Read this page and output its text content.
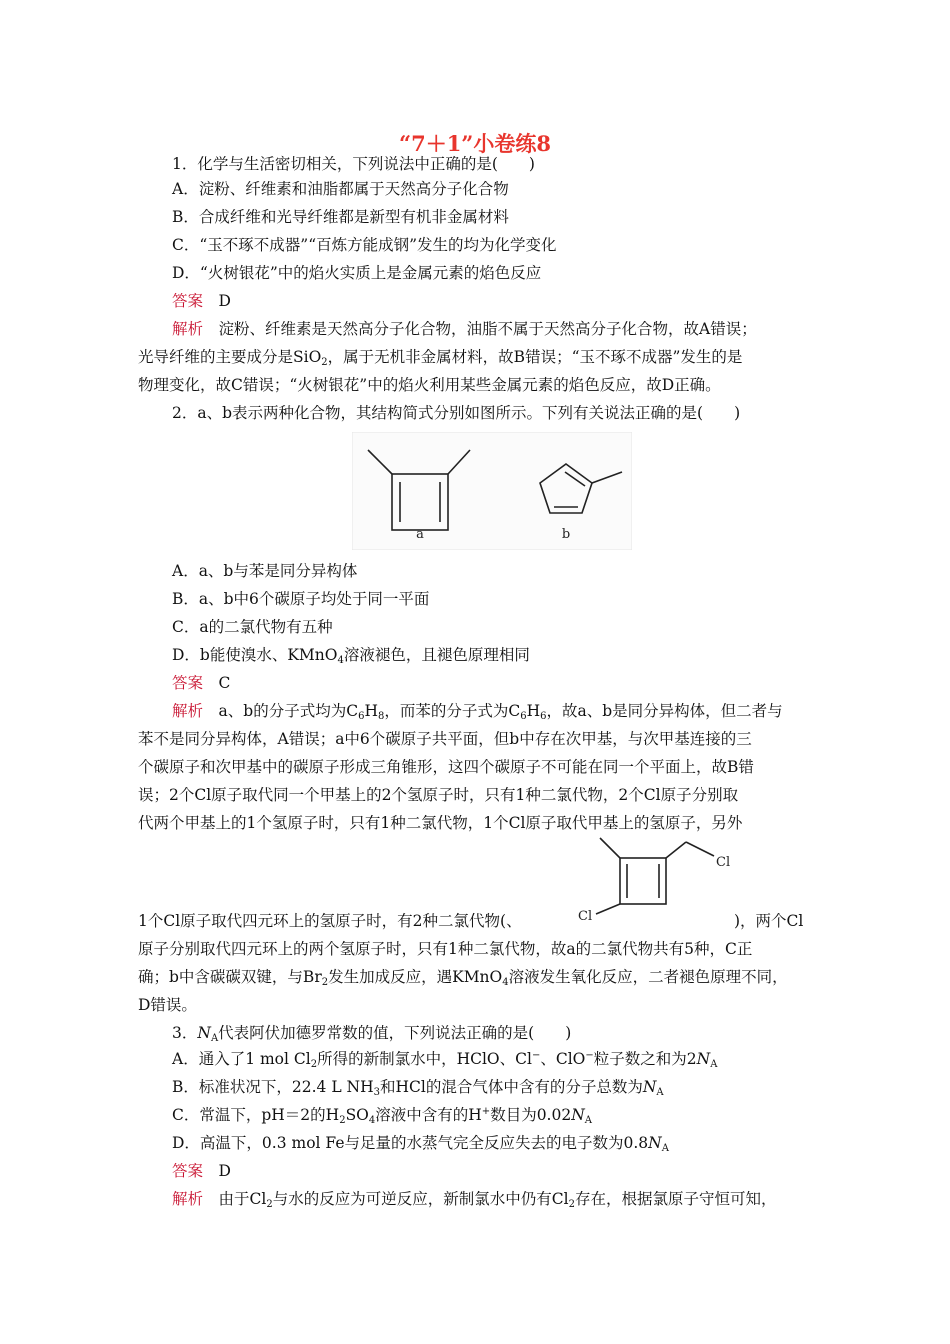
“7＋1”小卷练8
1．化学与生活密切相关，下列说法中正确的是(　　)
A．淀粉、纤维素和油脂都属于天然高分子化合物
B．合成纤维和光导纤维都是新型有机非金属材料
C．“玉不琢不成器”“百炼方能成钢”发生的均为化学变化
D．“火树银花”中的焰火实质上是金属元素的焰色反应
答案　 D
解析　 淀粉、纤维素是天然高分子化合物，油脂不属于天然高分子化合物，故A错误；
光导纤维的主要成分是SiO$_2$，属于无机非金属材料，故B错误；“玉不琢不成器”发生的是
物理变化，故C错误；“火树银花”中的焰火利用某些金属元素的焰色反应，故D正确。
2．a、b表示两种化合物，其结构简式分别如图所示。下列有关说法正确的是(　　)
a	b
A．a、b与苯是同分异构体
B．a、b中6个碳原子均处于同一平面
C．a的二氯代物有五种
D．b能使溴水、KMnO$_4$溶液褪色，且褪色原理相同
答案　 C
解析　 a、b的分子式均为$C_6H_8$，而苯的分子式为$C_6H_6$，故a、b是同分异构体，但二者与
苯不是同分异构体，A错误；a中6个碳原子共平面，但b中存在次甲基，与次甲基连接的三
个碳原子和次甲基中的碳原子形成三角锥形，这四个碳原子不可能在同一个平面上，故B错
误；2个Cl原子取代同一个甲基上的2个氢原子时，只有1种二氯代物，2个Cl原子分别取
代两个甲基上的1个氢原子时，只有1种二氯代物，1个Cl原子取代甲基上的氢原子，另外
Cl
Cl
1个Cl原子取代四元环上的氢原子时，有2种二氯代物(、	)，两个Cl
原子分别取代四元环上的两个氢原子时，只有1种二氯代物，故a的二氯代物共有5种，C正
确；b中含碳碳双键，与$Br_2$发生加成反应，遇KMnO$_4$溶液发生氧化反应，二者褪色原理不同，
D错误。
3．$N_A$代表阿伏加德罗常数的值，下列说法正确的是(　　)
A．通入了1 mol $Cl_2$所得的新制氯水中，HClO、Cl−、ClO−粒子数之和为$2N_A$
B．标准状况下，22.4 L $NH_3$和HCl的混合气体中含有的分子总数为$N_A$
C．常温下，pH＝2的$H_2SO_4$溶液中含有的H+数目为$0.02N_A$
D．高温下，0.3 mol Fe与足量的水蒸气完全反应失去的电子数为$0.8N_A$
答案　 D
解析　 由于$Cl_2$与水的反应为可逆反应，新制氯水中仍有$Cl_2$存在，根据氯原子守恒可知，
